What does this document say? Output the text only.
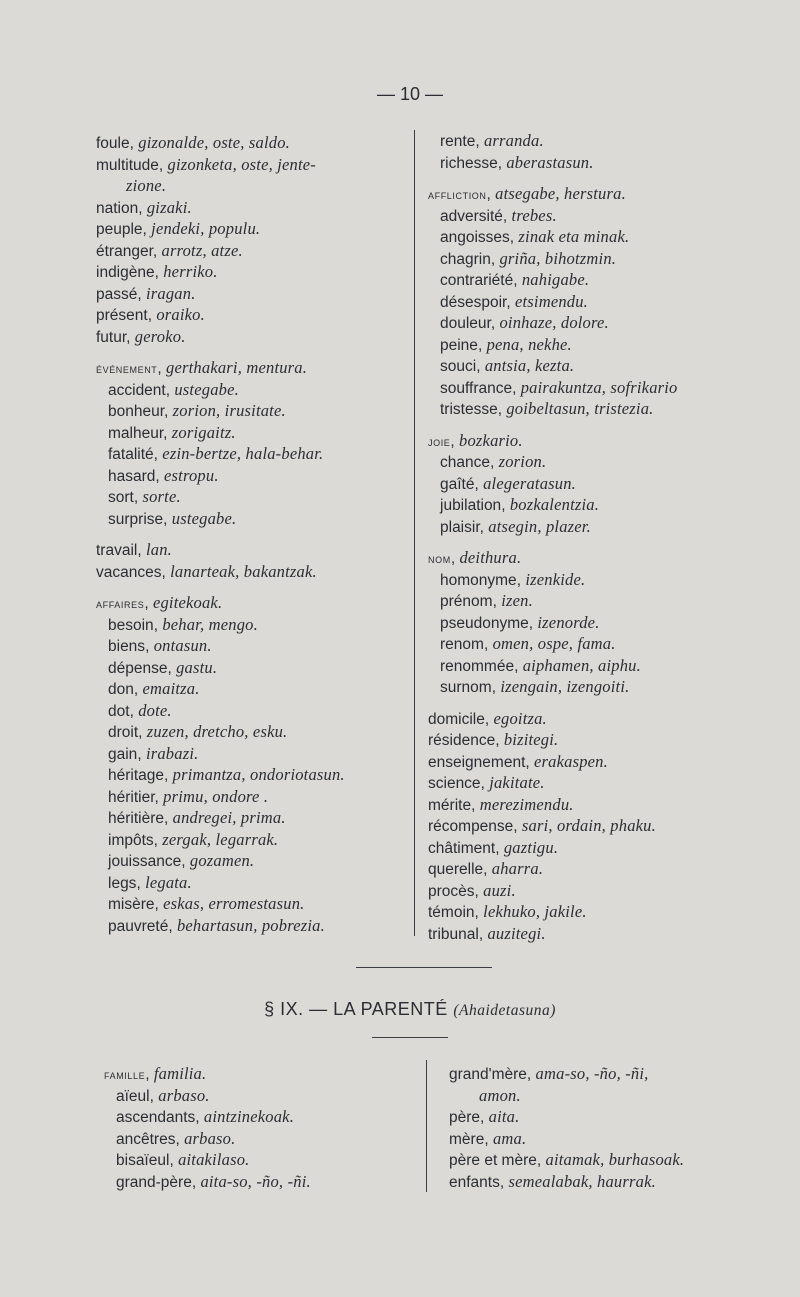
— 10 —
foule, gizonalde, oste, saldo.
multitude, gizonketa, oste, jente-
zione.
nation, gizaki.
peuple, jendeki, populu.
étranger, arrotz, atze.
indigène, herriko.
passé, iragan.
présent, oraiko.
futur, geroko.
événement, gerthakari, mentura.
accident, ustegabe.
bonheur, zorion, irusitate.
malheur, zorigaitz.
fatalité, ezin-bertze, hala-behar.
hasard, estropu.
sort, sorte.
surprise, ustegabe.
travail, lan.
vacances, lanarteak, bakantzak.
affaires, egitekoak.
besoin, behar, mengo.
biens, ontasun.
dépense, gastu.
don, emaitza.
dot, dote.
droit, zuzen, dretcho, esku.
gain, irabazi.
héritage, primantza, ondoriotasun.
héritier, primu, ondore .
héritière, andregei, prima.
impôts, zergak, legarrak.
jouissance, gozamen.
legs, legata.
misère, eskas, erromestasun.
pauvreté, behartasun, pobrezia.
rente, arranda.
richesse, aberastasun.
affliction, atsegabe, herstura.
adversité, trebes.
angoisses, zinak eta minak.
chagrin, griña, bihotzmin.
contrariété, nahigabe.
désespoir, etsimendu.
douleur, oinhaze, dolore.
peine, pena, nekhe.
souci, antsia, kezta.
souffrance, pairakuntza, sofrikario
tristesse, goibeltasun, tristezia.
joie, bozkario.
chance, zorion.
gaîté, alegeratasun.
jubilation, bozkalentzia.
plaisir, atsegin, plazer.
nom, deithura.
homonyme, izenkide.
prénom, izen.
pseudonyme, izenorde.
renom, omen, ospe, fama.
renommée, aiphamen, aiphu.
surnom, izengain, izengoiti.
domicile, egoitza.
résidence, bizitegi.
enseignement, erakaspen.
science, jakitate.
mérite, merezimendu.
récompense, sari, ordain, phaku.
châtiment, gaztigu.
querelle, aharra.
procès, auzi.
témoin, lekhuko, jakile.
tribunal, auzitegi.
§ IX. — LA PARENTÉ (Ahaidetasuna)
famille, familia.
aïeul, arbaso.
ascendants, aintzinekoak.
ancêtres, arbaso.
bisaïeul, aitakilaso.
grand-père, aita-so, -ño, -ñi.
grand'mère, ama-so, -ño, -ñi,
amon.
père, aita.
mère, ama.
père et mère, aitamak, burhasoak.
enfants, semealabak, haurrak.
